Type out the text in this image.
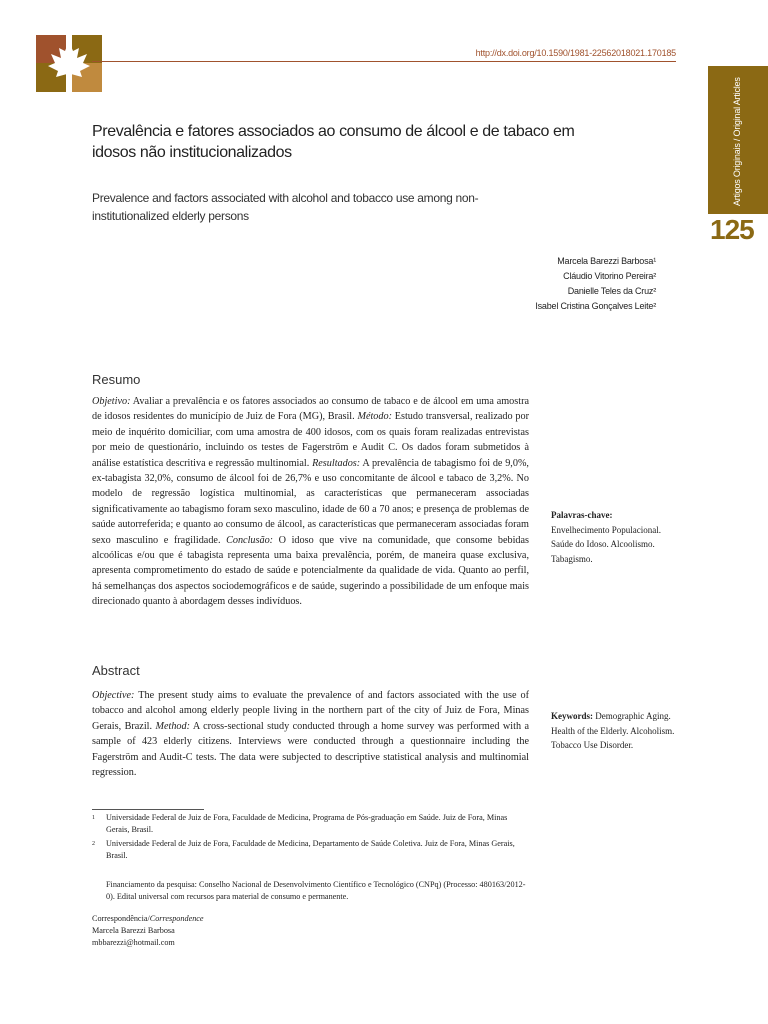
http://dx.doi.org/10.1590/1981-22562018021.170185
Artigos Originais / Original Articles
125
Prevalência e fatores associados ao consumo de álcool e de tabaco em idosos não institucionalizados

Prevalence and factors associated with alcohol and tobacco use among non-institutionalized elderly persons

Marcela Barezzi Barbosa¹
Cláudio Vitorino Pereira²
Danielle Teles da Cruz²
Isabel Cristina Gonçalves Leite²
Resumo

Objetivo: Avaliar a prevalência e os fatores associados ao consumo de tabaco e de álcool em uma amostra de idosos residentes do município de Juiz de Fora (MG), Brasil. Método: Estudo transversal, realizado por meio de inquérito domiciliar, com uma amostra de 400 idosos, com os quais foram realizadas entrevistas por meio de questionário, incluindo os testes de Fagerström e Audit C. Os dados foram submetidos à análise estatística descritiva e regressão multinomial. Resultados: A prevalência de tabagismo foi de 9,0%, ex-tabagista 32,0%, consumo de álcool foi de 26,7% e uso concomitante de álcool e tabaco de 3,2%. No modelo de regressão logística multinomial, as características que permaneceram associadas significativamente ao tabagismo foram sexo masculino, idade de 60 a 70 anos; e presença de problemas de saúde autorreferida; e quanto ao consumo de álcool, as características que permaneceram associadas foram sexo masculino e fragilidade. Conclusão: O idoso que vive na comunidade, que consome bebidas alcoólicas e/ou que é tabagista representa uma baixa prevalência, porém, de maneira quase exclusiva, apresenta comprometimento do estado de saúde e potencialmente da qualidade de vida. Quanto ao perfil, há semelhanças dos aspectos sociodemográficos e de saúde, sugerindo a possibilidade de um enfoque mais direcionado quanto à abordagem desses indivíduos.

Palavras-chave:
Envelhecimento Populacional. Saúde do Idoso. Alcoolismo. Tabagismo.
Abstract

Objective: The present study aims to evaluate the prevalence of and factors associated with the use of tobacco and alcohol among elderly people living in the northern part of the city of Juiz de Fora, Minas Gerais, Brazil. Method: A cross-sectional study conducted through a home survey was performed with a sample of 423 elderly citizens. Interviews were conducted through a questionnaire including the Fagerström and Audit-C tests. The data were subjected to descriptive statistical analysis and multinomial regression.

Keywords: Demographic Aging. Health of the Elderly. Alcoholism. Tobacco Use Disorder.
1 Universidade Federal de Juiz de Fora, Faculdade de Medicina, Programa de Pós-graduação em Saúde. Juiz de Fora, Minas Gerais, Brasil.
2 Universidade Federal de Juiz de Fora, Faculdade de Medicina, Departamento de Saúde Coletiva. Juiz de Fora, Minas Gerais, Brasil.
Financiamento da pesquisa: Conselho Nacional de Desenvolvimento Científico e Tecnológico (CNPq) (Processo: 480163/2012-0). Edital universal com recursos para material de consumo e permanente.
Correspondência/Correspondence
Marcela Barezzi Barbosa
mbbarezzi@hotmail.com
